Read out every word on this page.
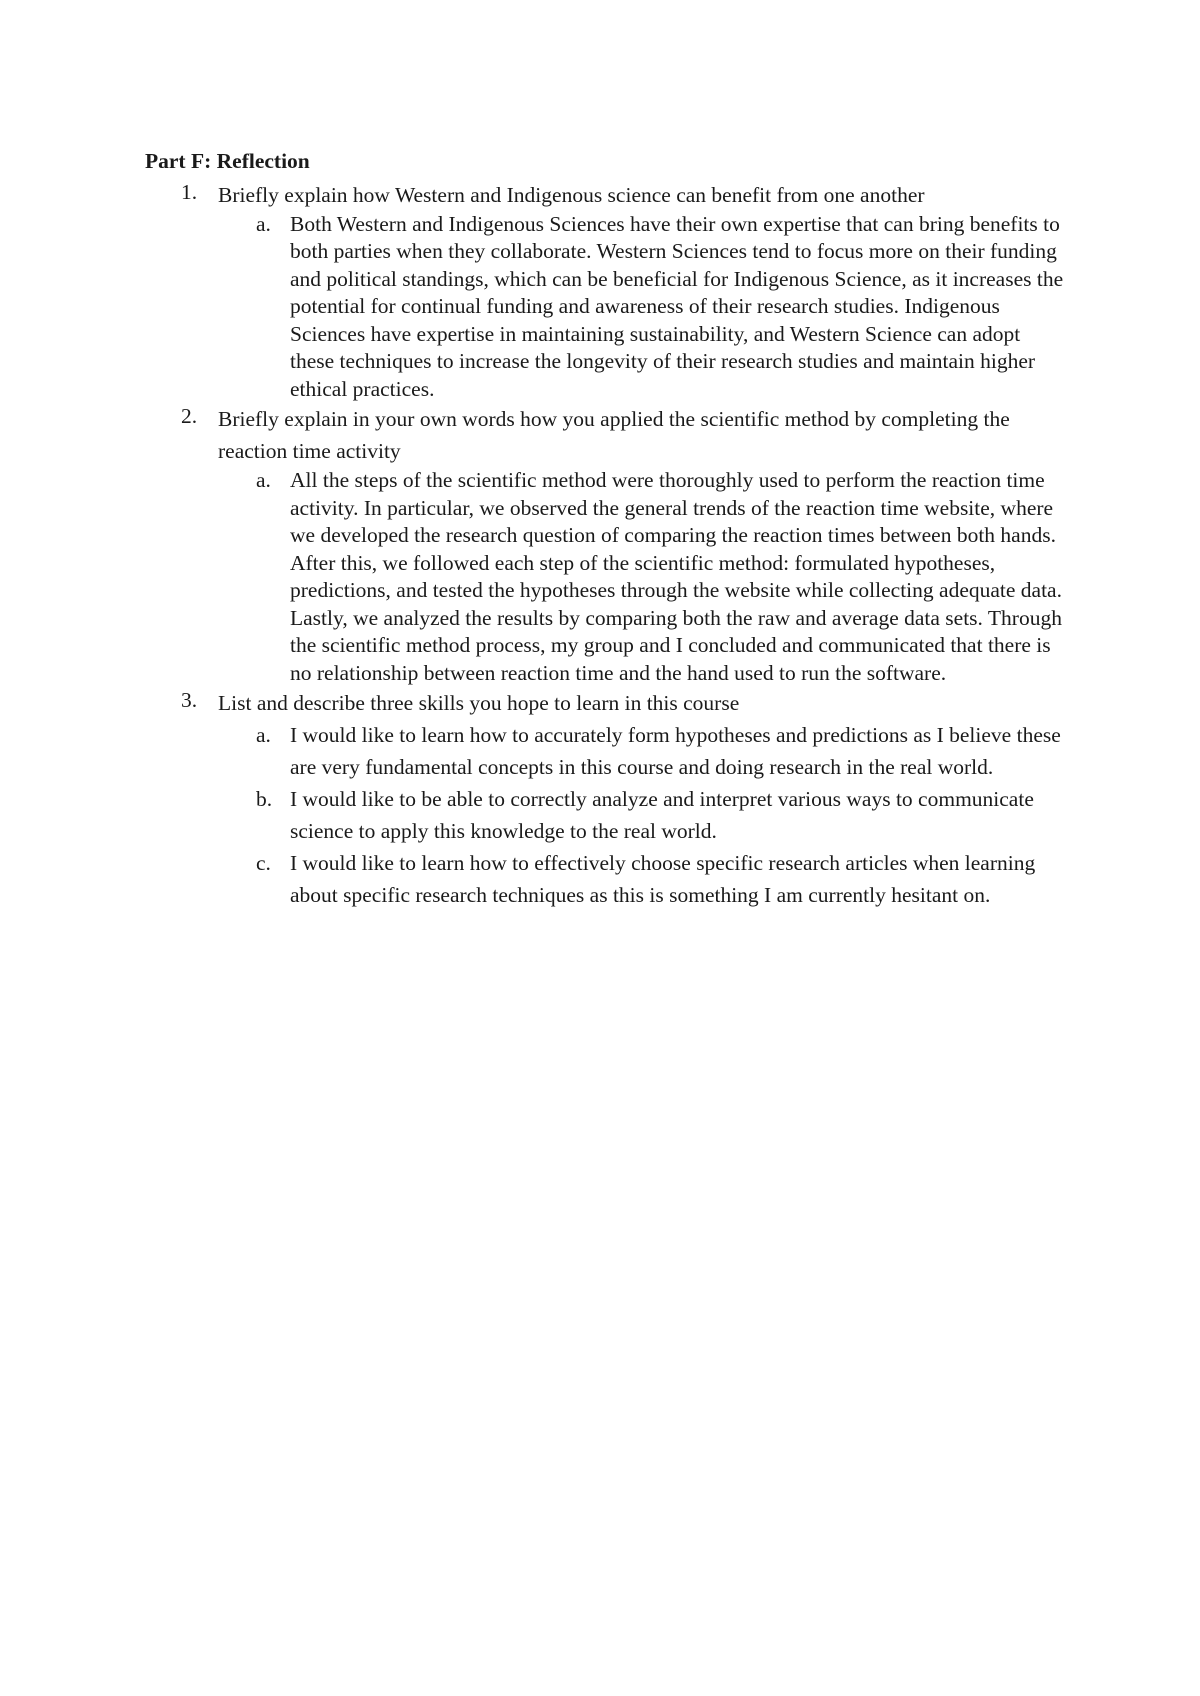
Part F: Reflection
1. Briefly explain how Western and Indigenous science can benefit from one another
a. Both Western and Indigenous Sciences have their own expertise that can bring benefits to both parties when they collaborate. Western Sciences tend to focus more on their funding and political standings, which can be beneficial for Indigenous Science, as it increases the potential for continual funding and awareness of their research studies. Indigenous Sciences have expertise in maintaining sustainability, and Western Science can adopt these techniques to increase the longevity of their research studies and maintain higher ethical practices.
2. Briefly explain in your own words how you applied the scientific method by completing the reaction time activity
a. All the steps of the scientific method were thoroughly used to perform the reaction time activity. In particular, we observed the general trends of the reaction time website, where we developed the research question of comparing the reaction times between both hands. After this, we followed each step of the scientific method: formulated hypotheses, predictions, and tested the hypotheses through the website while collecting adequate data. Lastly, we analyzed the results by comparing both the raw and average data sets. Through the scientific method process, my group and I concluded and communicated that there is no relationship between reaction time and the hand used to run the software.
3. List and describe three skills you hope to learn in this course
a. I would like to learn how to accurately form hypotheses and predictions as I believe these are very fundamental concepts in this course and doing research in the real world.
b. I would like to be able to correctly analyze and interpret various ways to communicate science to apply this knowledge to the real world.
c. I would like to learn how to effectively choose specific research articles when learning about specific research techniques as this is something I am currently hesitant on.
